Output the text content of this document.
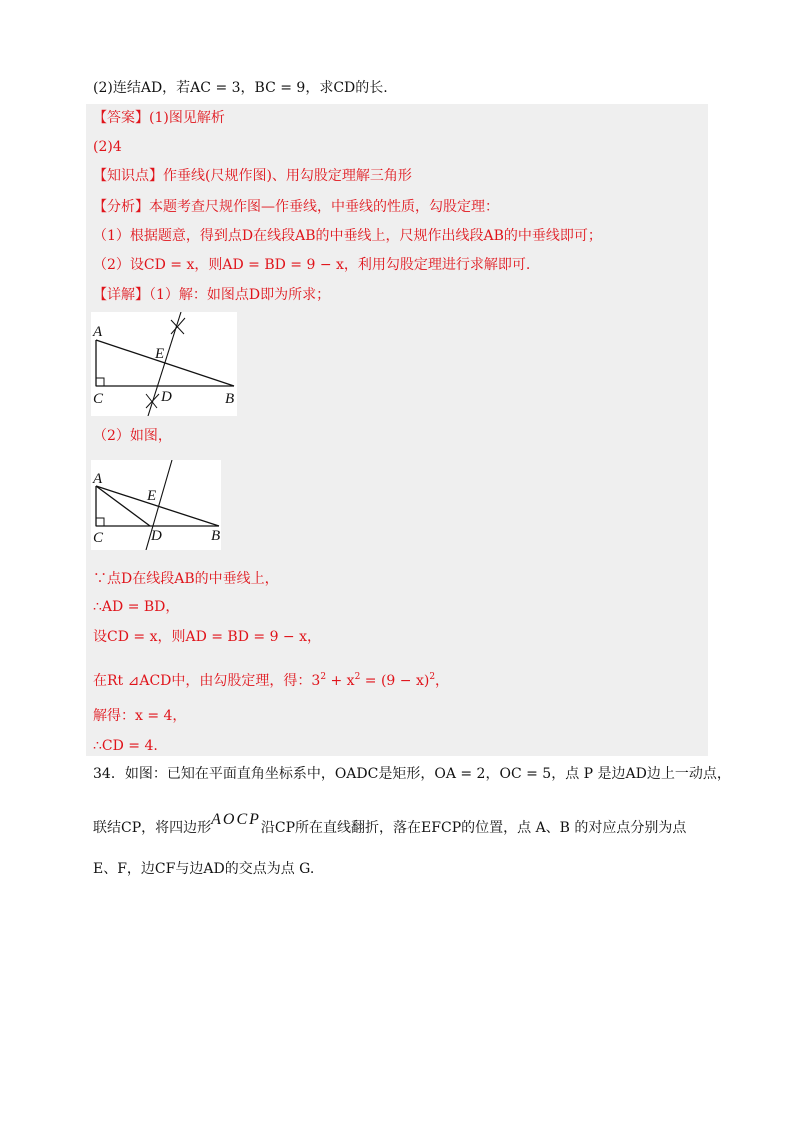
(2)连结AD，若AC = 3，BC = 9，求CD的长.
【答案】(1)图见解析
(2)4
【知识点】作垂线(尺规作图)、用勾股定理解三角形
【分析】本题考查尺规作图—作垂线，中垂线的性质，勾股定理：
（1）根据题意，得到点D在线段AB的中垂线上，尺规作出线段AB的中垂线即可；
（2）设CD = x，则AD = BD = 9 − x，利用勾股定理进行求解即可.
【详解】（1）解：如图点D即为所求；
A
E
C	D	B
（2）如图，
A
E
C	D	B
∵点D在线段AB的中垂线上，
∴AD = BD，
设CD = x，则AD = BD = 9 − x，
在Rt ⊿ACD中，由勾股定理，得：$3^2 + x^2 = (9 - x)^2$，
解得：x = 4，
∴CD = 4.
34．如图：已知在平面直角坐标系中，OADC是矩形，OA = 2，OC = 5，点 P 是边AD边上一动点，
联结CP，将四边形AOCP沿CP所在直线翻折，落在EFCP的位置，点 A、B 的对应点分别为点
E、F，边CF与边AD的交点为点 G.
